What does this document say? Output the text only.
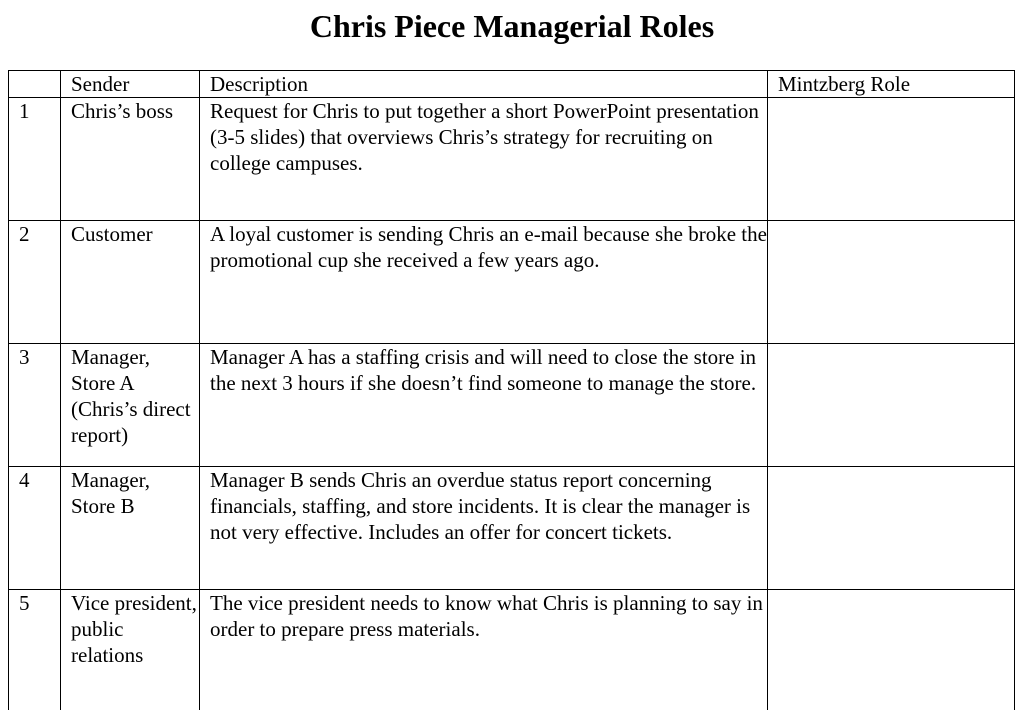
Chris Piece Managerial Roles
	Sender	Description	Mintzberg Role

1	Chris’s boss	Request for Chris to put together a short PowerPoint presentation (3-5 slides) that overviews Chris’s strategy for recruiting on college campuses.	

2	Customer	A loyal customer is sending Chris an e-mail because she broke the promotional cup she received a few years ago.	

3	Manager, Store A (Chris’s direct report)	Manager A has a staffing crisis and will need to close the store in the next 3 hours if she doesn’t find someone to manage the store.	

4	Manager, Store B	Manager B sends Chris an overdue status report concerning financials, staffing, and store incidents. It is clear the manager is not very effective. Includes an offer for concert tickets.	

5	Vice president, public relations	The vice president needs to know what Chris is planning to say in order to prepare press materials.	
